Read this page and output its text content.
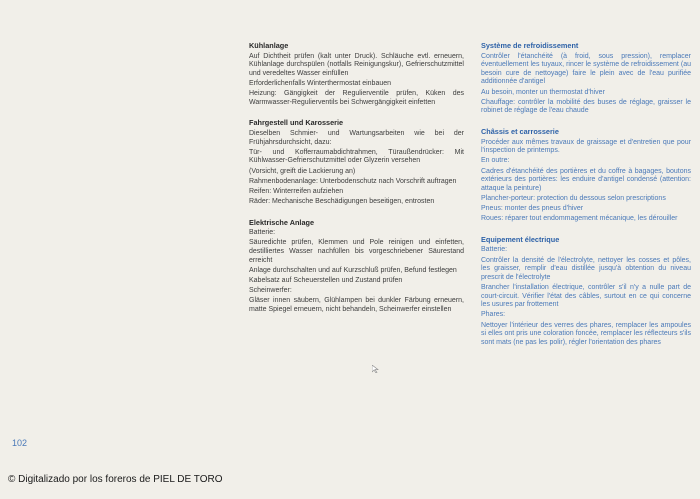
Kühlanlage

Auf Dichtheit prüfen (kalt unter Druck). Schläuche evtl. erneuern, Kühlanlage durchspülen (notfalls Reinigungskur), Gefrierschutzmittel und veredeltes Wasser einfüllen

Erforderlichenfalls Winterthermostat einbauen

Heizung: Gängigkeit der Regulierventile prüfen, Küken des Warmwasser-Regulierventils bei Schwergängigkeit einfetten

Fahrgestell und Karosserie

Dieselben Schmier- und Wartungsarbeiten wie bei der Frühjahrsdurchsicht, dazu:

Tür- und Kofferraumabdichtrahmen, Türaußendrücker: Mit Kühlwasser-Gefrierschutzmittel oder Glyzerin versehen

(Vorsicht, greift die Lackierung an)

Rahmenbodenanlage: Unterbodenschutz nach Vorschrift auftragen

Reifen: Winterreifen aufziehen

Räder: Mechanische Beschädigungen beseitigen, entrosten

Elektrische Anlage

Batterie:

Säuredichte prüfen, Klemmen und Pole reinigen und einfetten, destilliertes Wasser nachfüllen bis vorgeschriebener Säurestand erreicht

Anlage durchschalten und auf Kurzschluß prüfen, Befund festlegen

Kabelsatz auf Scheuerstellen und Zustand prüfen

Scheinwerfer:

Gläser innen säubern, Glühlampen bei dunkler Färbung erneuern, matte Spiegel erneuern, nicht behandeln, Scheinwerfer einstellen

Système de refroidissement

Contrôler l'étanchéité (à froid, sous pression), remplacer éventuellement les tuyaux, rincer le système de refroidissement (au besoin cure de nettoyage) faire le plein avec de l'eau purifiée additionnée d'antigel

Au besoin, monter un thermostat d'hiver

Chauffage: contrôler la mobilité des buses de réglage, graisser le robinet de réglage de l'eau chaude

Châssis et carrosserie

Procéder aux mêmes travaux de graissage et d'entretien que pour l'inspection de printemps.

En outre:

Cadres d'étanchéité des portières et du coffre à bagages, boutons extérieurs des portières: les enduire d'antigel condensé (attention: attaque la peinture)

Plancher-porteur: protection du dessous selon prescriptions

Pneus: monter des pneus d'hiver

Roues: réparer tout endommagement mécanique, les dérouiller

Equipement électrique

Batterie:

Contrôler la densité de l'électrolyte, nettoyer les cosses et pôles, les graisser, remplir d'eau distillée jusqu'à obtention du niveau prescrit de l'électrolyte

Brancher l'installation électrique, contrôler s'il n'y a nulle part de court-circuit. Vérifier l'état des câbles, surtout en ce qui concerne les usures par frottement

Phares:

Nettoyer l'intérieur des verres des phares, remplacer les ampoules si elles ont pris une coloration foncée, remplacer les réflecteurs s'ils sont mats (ne pas les polir), régler l'orientation des phares

102
© Digitalizado por los foreros de PIEL DE TORO
